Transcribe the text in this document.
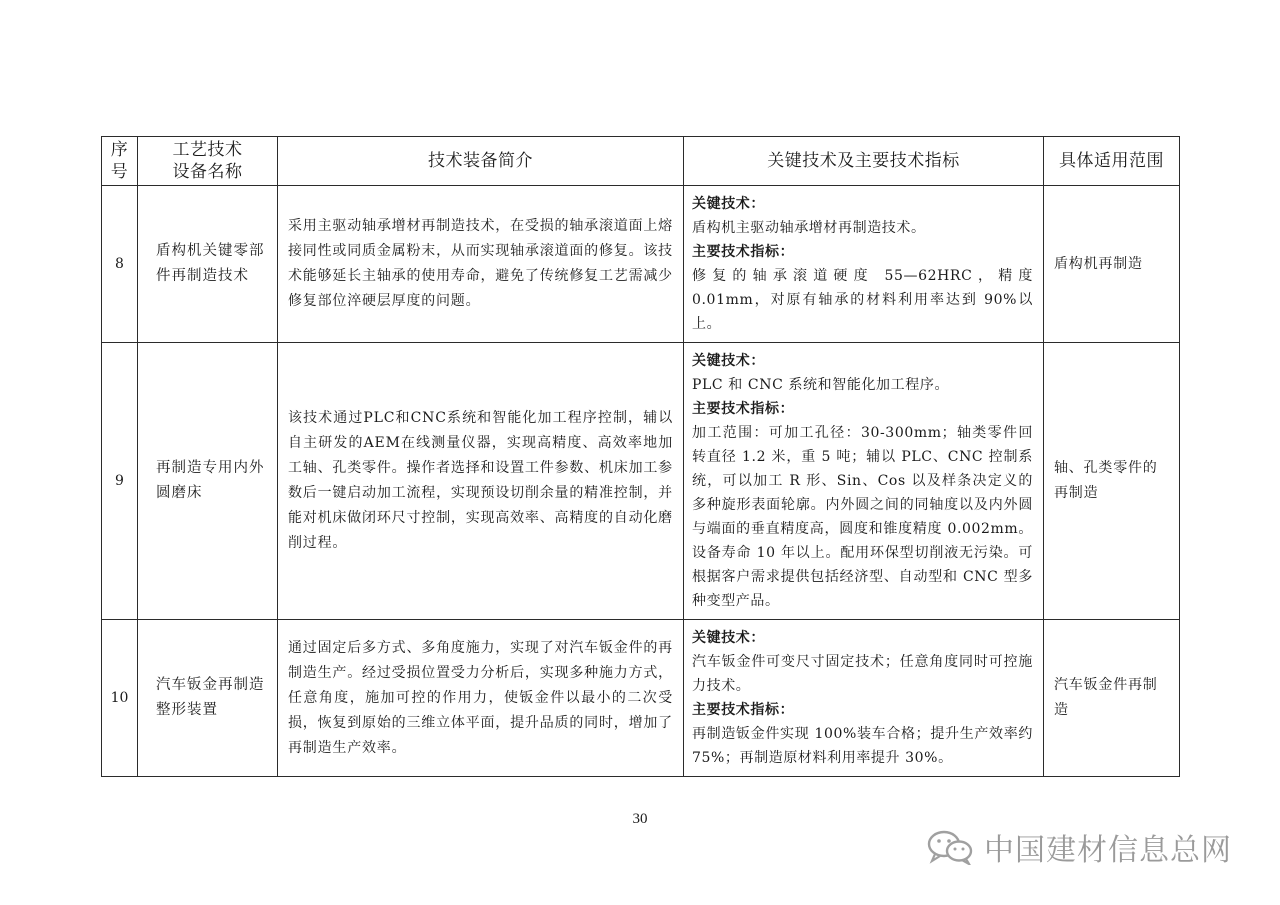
序号	工艺技术设备名称	技术装备简介	关键技术及主要技术指标	具体适用范围
8	盾构机关键零部件再制造技术	采用主驱动轴承增材再制造技术，在受损的轴承滚道面上熔接同性或同质金属粉末，从而实现轴承滚道面的修复。该技术能够延长主轴承的使用寿命，避免了传统修复工艺需减少修复部位淬硬层厚度的问题。	关键技术：
盾构机主驱动轴承增材再制造技术。
主要技术指标：
修复的轴承滚道硬度 55—62HRC，精度 0.01mm，对原有轴承的材料利用率达到 90%以上。	盾构机再制造
9	再制造专用内外圆磨床	该技术通过PLC和CNC系统和智能化加工程序控制，辅以自主研发的AEM在线测量仪器，实现高精度、高效率地加工轴、孔类零件。操作者选择和设置工件参数、机床加工参数后一键启动加工流程，实现预设切削余量的精准控制，并能对机床做闭环尺寸控制，实现高效率、高精度的自动化磨削过程。	关键技术：
PLC 和 CNC 系统和智能化加工程序。
主要技术指标：
加工范围：可加工孔径：30-300mm；轴类零件回转直径 1.2 米，重 5 吨；辅以 PLC、CNC 控制系统，可以加工 R 形、Sin、Cos 以及样条决定义的多种旋形表面轮廓。内外圆之间的同轴度以及内外圆与端面的垂直精度高，圆度和锥度精度 0.002mm。设备寿命 10 年以上。配用环保型切削液无污染。可根据客户需求提供包括经济型、自动型和 CNC 型多种变型产品。	轴、孔类零件的再制造
10	汽车钣金再制造整形装置	通过固定后多方式、多角度施力，实现了对汽车钣金件的再制造生产。经过受损位置受力分析后，实现多种施力方式，任意角度，施加可控的作用力，使钣金件以最小的二次受损，恢复到原始的三维立体平面，提升品质的同时，增加了再制造生产效率。	关键技术：
汽车钣金件可变尺寸固定技术；任意角度同时可控施力技术。
主要技术指标：
再制造钣金件实现 100%装车合格；提升生产效率约 75%；再制造原材料利用率提升 30%。	汽车钣金件再制造
30
中国建材信息总网
